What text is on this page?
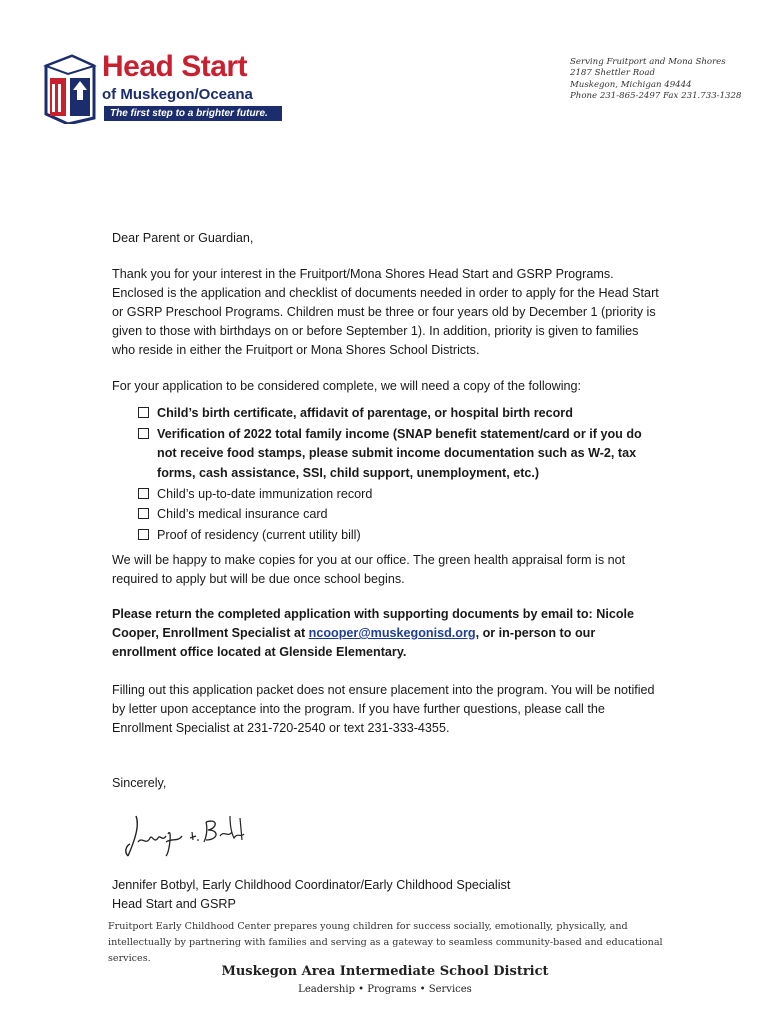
Head Start
of Muskegon/Oceana
The first step to a brighter future.
Serving Fruitport and Mona Shores
2187 Shettler Road
Muskegon, Michigan 49444
Phone 231-865-2497 Fax 231.733-1328
Dear Parent or Guardian,
Thank you for your interest in the Fruitport/Mona Shores Head Start and GSRP Programs. Enclosed is the application and checklist of documents needed in order to apply for the Head Start or GSRP Preschool Programs. Children must be three or four years old by December 1 (priority is given to those with birthdays on or before September 1). In addition, priority is given to families who reside in either the Fruitport or Mona Shores School Districts.
For your application to be considered complete, we will need a copy of the following:
Child’s birth certificate, affidavit of parentage, or hospital birth record
Verification of 2022 total family income (SNAP benefit statement/card or if you do not receive food stamps, please submit income documentation such as W-2, tax forms, cash assistance, SSI, child support, unemployment, etc.)
Child’s up-to-date immunization record
Child’s medical insurance card
Proof of residency (current utility bill)
We will be happy to make copies for you at our office. The green health appraisal form is not required to apply but will be due once school begins.
Please return the completed application with supporting documents by email to: Nicole Cooper, Enrollment Specialist at ncooper@muskegonisd.org, or in-person to our enrollment office located at Glenside Elementary.
Filling out this application packet does not ensure placement into the program. You will be notified by letter upon acceptance into the program. If you have further questions, please call the Enrollment Specialist at 231-720-2540 or text 231-333-4355.
Sincerely,
Jennifer Botbyl, Early Childhood Coordinator/Early Childhood Specialist
Head Start and GSRP
Fruitport Early Childhood Center prepares young children for success socially, emotionally, physically, and intellectually by partnering with families and serving as a gateway to seamless community-based and educational services.
Muskegon Area Intermediate School District
Leadership • Programs • Services
